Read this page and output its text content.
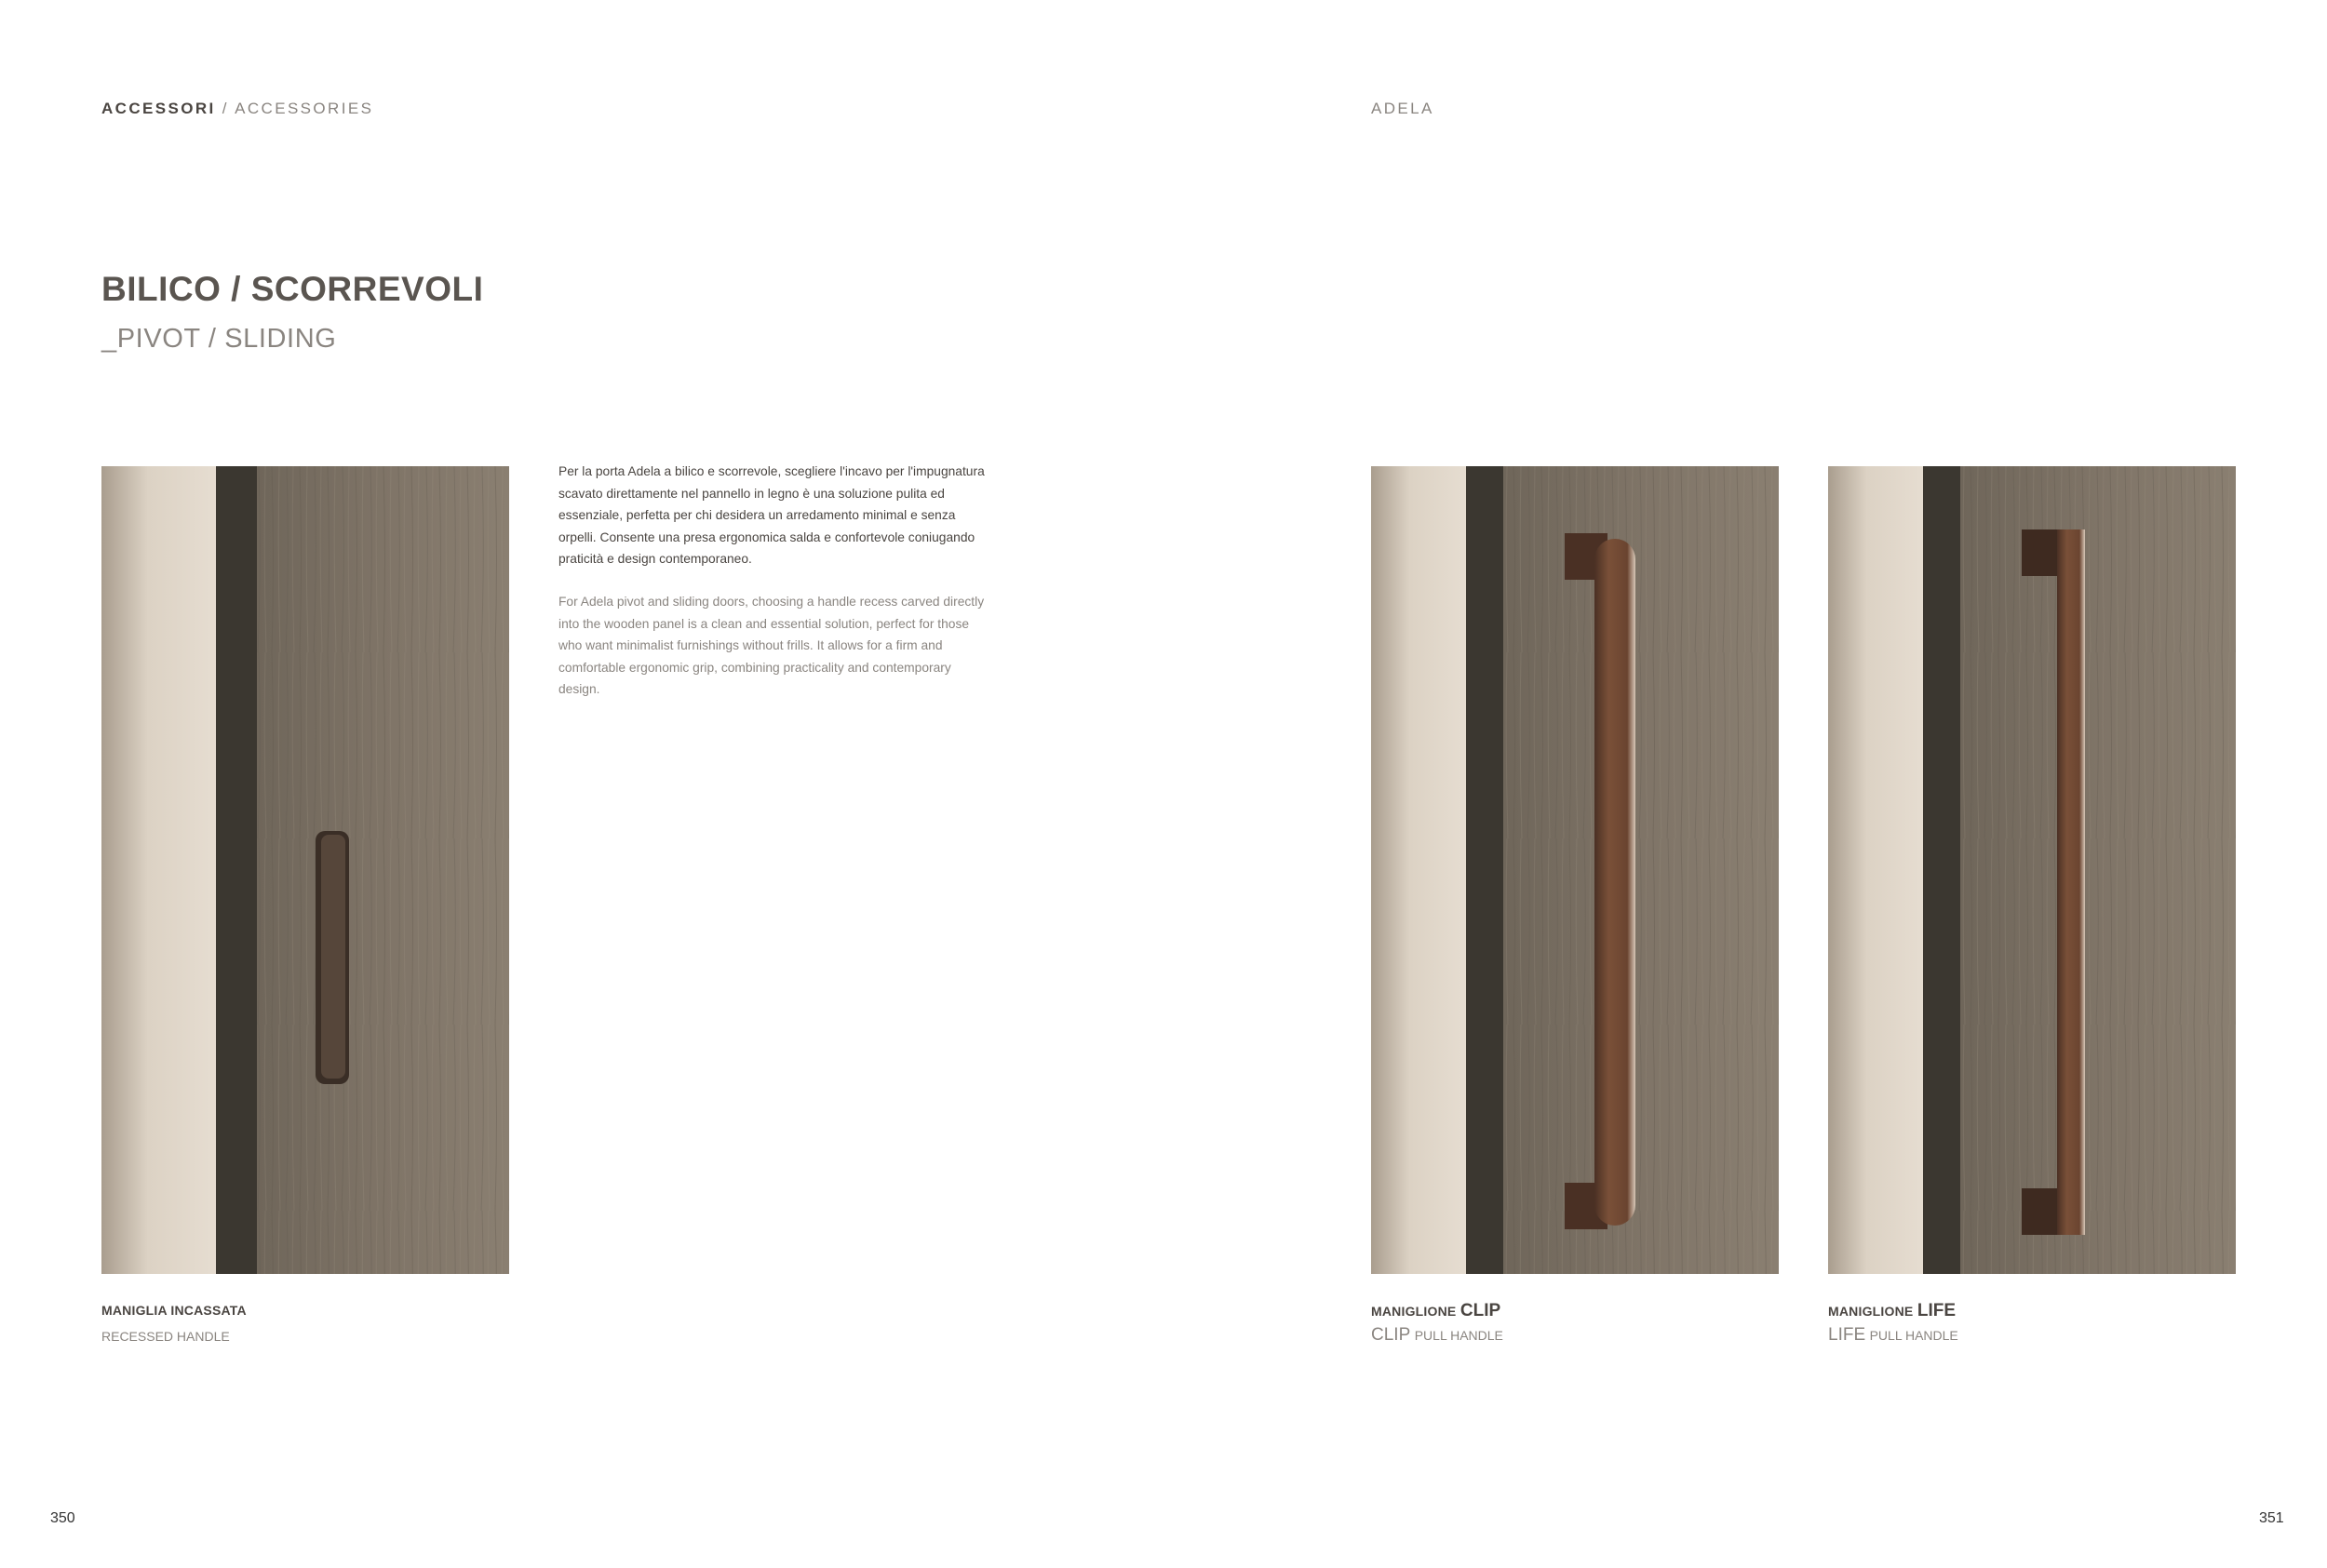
ACCESSORI / ACCESSORIES	ADELA
BILICO / SCORREVOLI
_PIVOT / SLIDING
Per la porta Adela a bilico e scorrevole, scegliere l'incavo per l'impugnatura scavato direttamente nel pannello in legno è una soluzione pulita ed essenziale, perfetta per chi desidera un arredamento minimal e senza orpelli. Consente una presa ergonomica salda e confortevole coniugando praticità e design contemporaneo.
For Adela pivot and sliding doors, choosing a handle recess carved directly into the wooden panel is a clean and essential solution, perfect for those who want minimalist furnishings without frills. It allows for a firm and comfortable ergonomic grip, combining practicality and contemporary design.
MANIGLIA INCASSATA
RECESSED HANDLE
MANIGLIONE CLIP
CLIP PULL HANDLE
MANIGLIONE LIFE
LIFE PULL HANDLE
350	351
